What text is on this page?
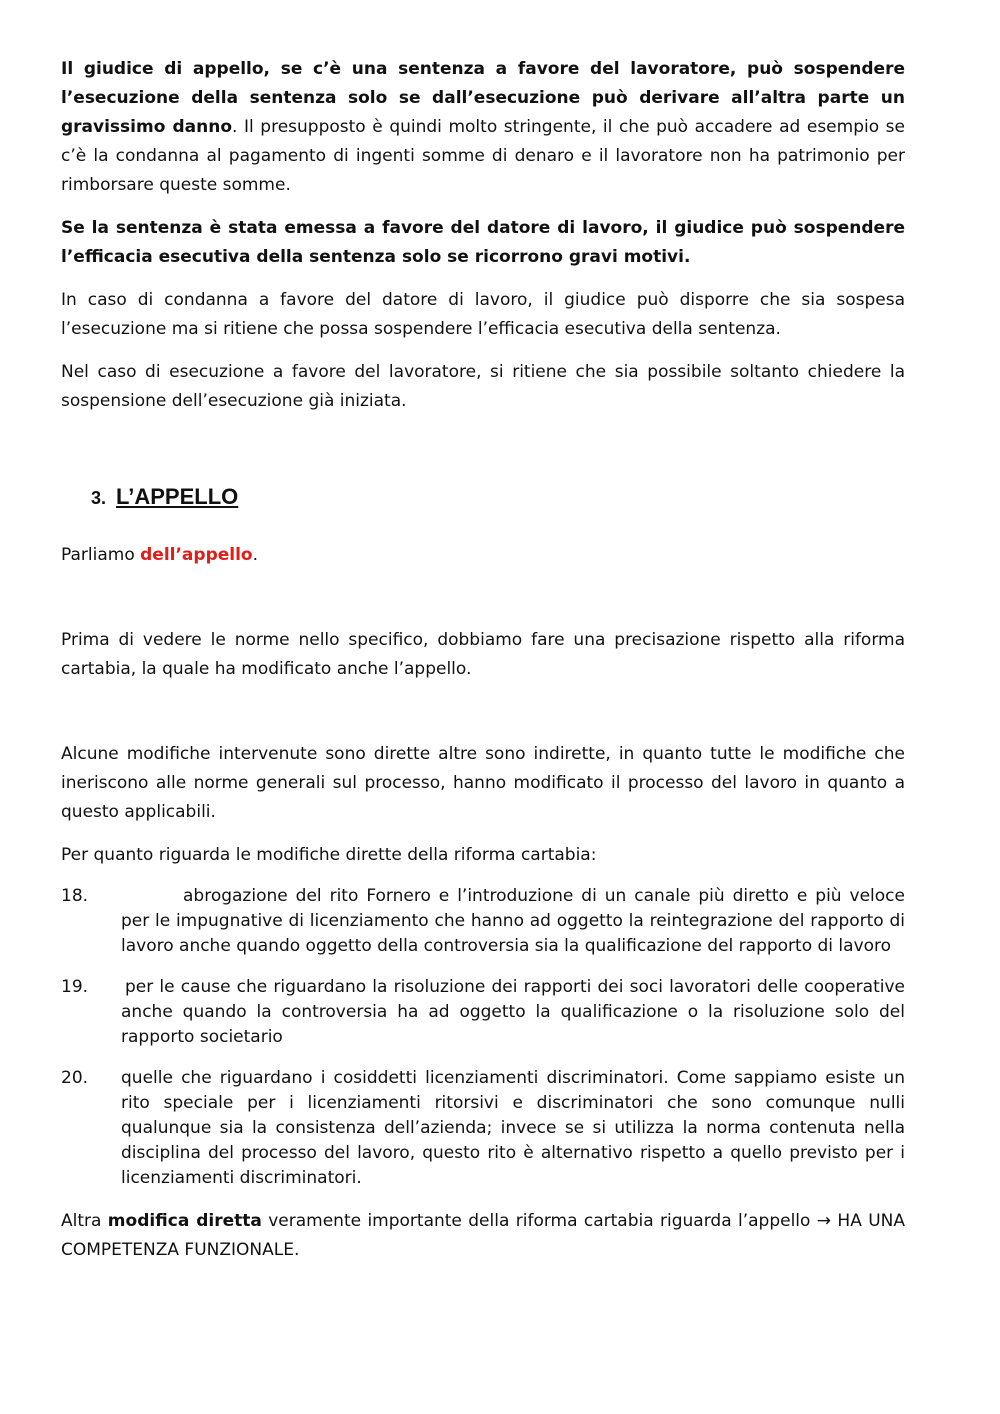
Il giudice di appello, se c’è una sentenza a favore del lavoratore, può sospendere l’esecuzione della sentenza solo se dall’esecuzione può derivare all’altra parte un gravissimo danno. Il presupposto è quindi molto stringente, il che può accadere ad esempio se c’è la condanna al pagamento di ingenti somme di denaro e il lavoratore non ha patrimonio per rimborsare queste somme.

Se la sentenza è stata emessa a favore del datore di lavoro, il giudice può sospendere l’efficacia esecutiva della sentenza solo se ricorrono gravi motivi.

In caso di condanna a favore del datore di lavoro, il giudice può disporre che sia sospesa l’esecuzione ma si ritiene che possa sospendere l’efficacia esecutiva della sentenza.

Nel caso di esecuzione a favore del lavoratore, si ritiene che sia possibile soltanto chiedere la sospensione dell’esecuzione già iniziata.

3. L’APPELLO

Parliamo dell’appello.

Prima di vedere le norme nello specifico, dobbiamo fare una precisazione rispetto alla riforma cartabia, la quale ha modificato anche l’appello.

Alcune modifiche intervenute sono dirette altre sono indirette, in quanto tutte le modifiche che ineriscono alle norme generali sul processo, hanno modificato il processo del lavoro in quanto a questo applicabili.

Per quanto riguarda le modifiche dirette della riforma cartabia:

18.	abrogazione del rito Fornero e l’introduzione di un canale più diretto e più veloce per le impugnative di licenziamento che hanno ad oggetto la reintegrazione del rapporto di lavoro anche quando oggetto della controversia sia la qualificazione del rapporto di lavoro
19. per le cause che riguardano la risoluzione dei rapporti dei soci lavoratori delle cooperative anche quando la controversia ha ad oggetto la qualificazione o la risoluzione solo del rapporto societario
20. quelle che riguardano i cosiddetti licenziamenti discriminatori. Come sappiamo esiste un rito speciale per i licenziamenti ritorsivi e discriminatori che sono comunque nulli qualunque sia la consistenza dell’azienda; invece se si utilizza la norma contenuta nella disciplina del processo del lavoro, questo rito è alternativo rispetto a quello previsto per i licenziamenti discriminatori.

Altra modifica diretta veramente importante della riforma cartabia riguarda l’appello → HA UNA COMPETENZA FUNZIONALE.
